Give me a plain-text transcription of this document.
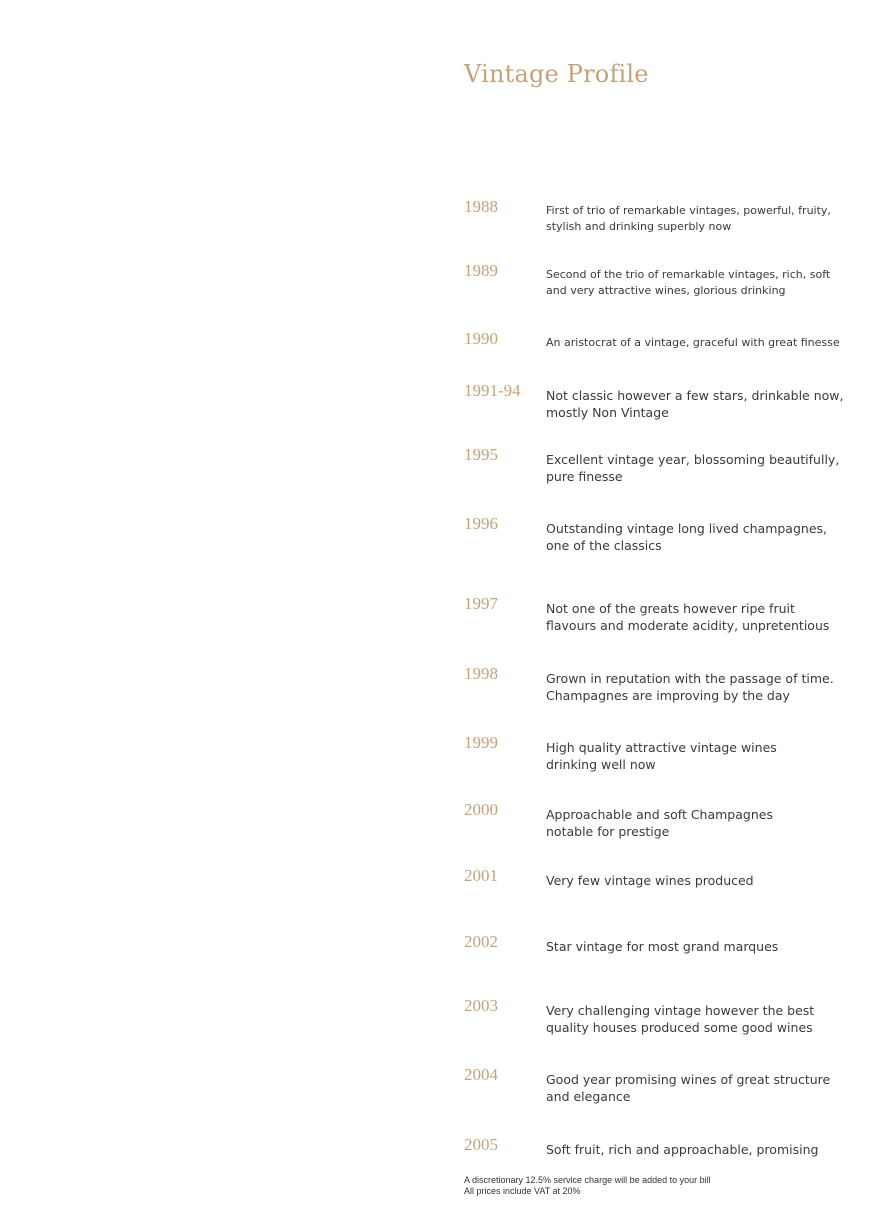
Vintage Profile
1988	First of trio of remarkable vintages, powerful, fruity,
stylish and drinking superbly now
1989	Second of the trio of remarkable vintages, rich, soft
and very attractive wines, glorious drinking
1990	An aristocrat of a vintage, graceful with great finesse
1991-94 Not classic however a few stars, drinkable now,
mostly Non Vintage
1995	Excellent vintage year, blossoming beautifully,
pure finesse
1996	Outstanding vintage long lived champagnes,
one of the classics
1997	Not one of the greats however ripe fruit
flavours and moderate acidity, unpretentious
1998	Grown in reputation with the passage of time.
Champagnes are improving by the day
1999	High quality attractive vintage wines
drinking well now
2000	Approachable and soft Champagnes
notable for prestige
2001	Very few vintage wines produced
2002	Star vintage for most grand marques
2003	Very challenging vintage however the best
quality houses produced some good wines
2004	Good year promising wines of great structure
and elegance
2005	Soft fruit, rich and approachable, promising
A discretionary 12.5% service charge will be added to your bill
All prices include VAT at 20%
